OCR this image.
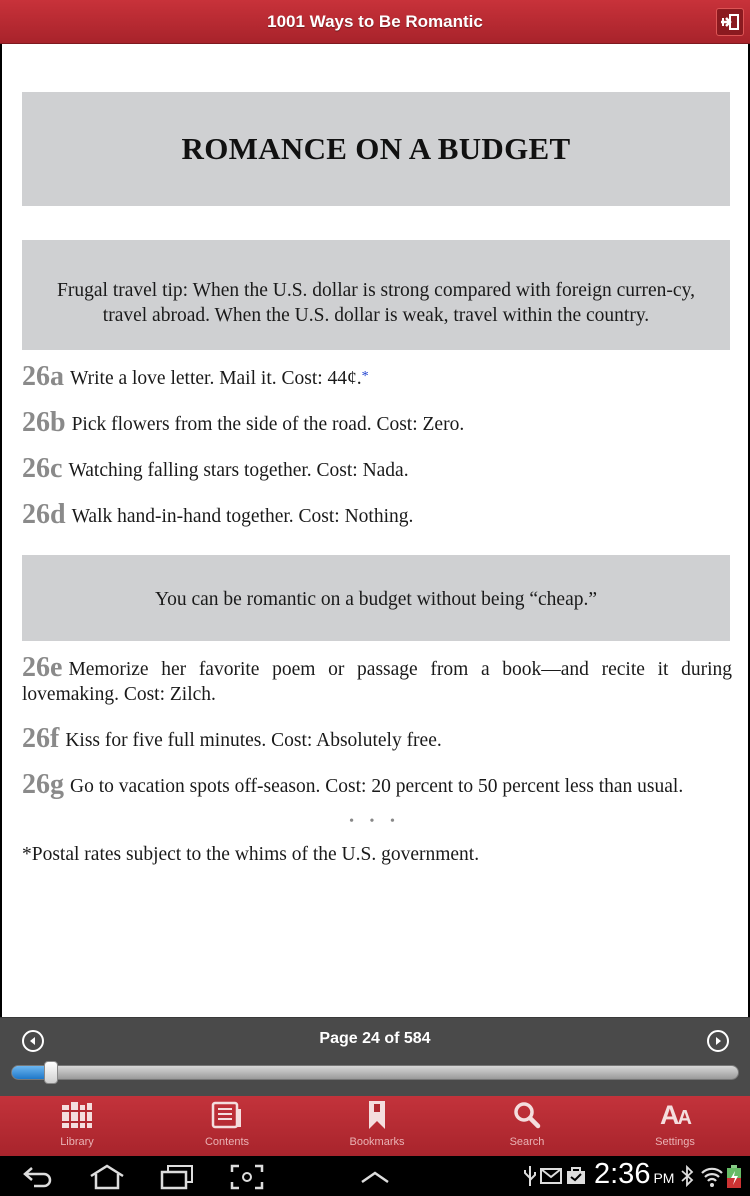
1001 Ways to Be Romantic
ROMANCE ON A BUDGET
Frugal travel tip: When the U.S. dollar is strong compared with foreign curren-cy, travel abroad. When the U.S. dollar is weak, travel within the country.
26a Write a love letter. Mail it. Cost: 44¢.*
26b Pick flowers from the side of the road. Cost: Zero.
26c Watching falling stars together. Cost: Nada.
26d Walk hand-in-hand together. Cost: Nothing.
You can be romantic on a budget without being “cheap.”
26e Memorize her favorite poem or passage from a book—and recite it during lovemaking. Cost: Zilch.
26f Kiss for five full minutes. Cost: Absolutely free.
26g Go to vacation spots off-season. Cost: 20 percent to 50 percent less than usual.
• • •
*Postal rates subject to the whims of the U.S. government.
Page 24 of 584
Library	Contents	Bookmarks	Search
AA
Settings
2:36 PM
